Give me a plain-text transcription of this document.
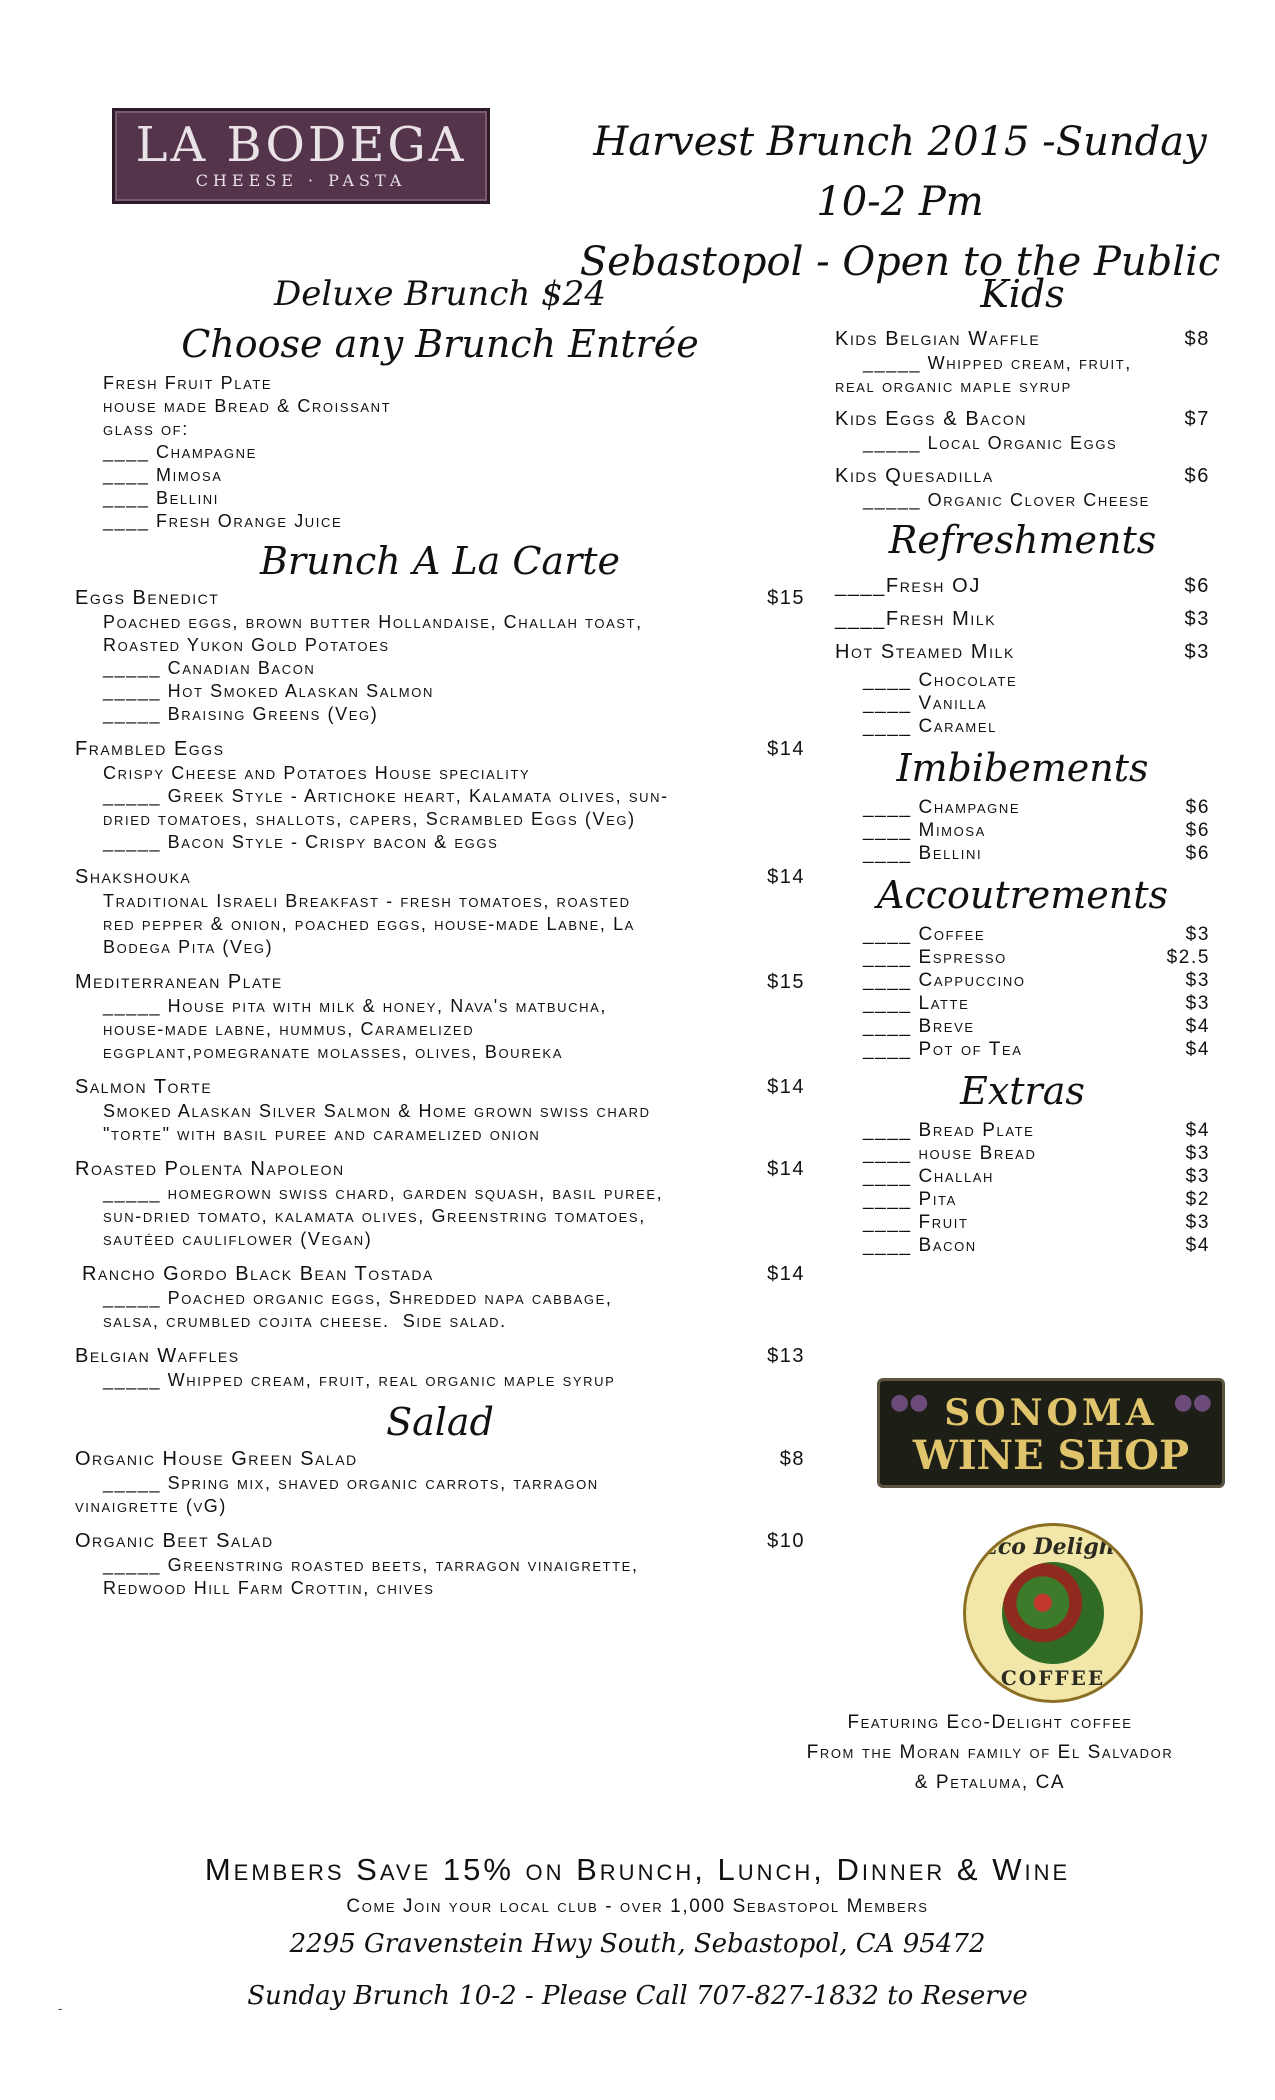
LA BODEGA
CHEESE · PASTA
Harvest Brunch 2015 -Sunday 10-2 Pm
Sebastopol - Open to the Public
Deluxe Brunch $24
Choose any Brunch Entrée
Fresh Fruit Plate
house made Bread & Croissant
glass of:
____ Champagne
____ Mimosa
____ Bellini
____ Fresh Orange Juice
Brunch A La Carte
Eggs Benedict	$15
Poached eggs, brown butter Hollandaise, Challah toast,
Roasted Yukon Gold Potatoes
_____ Canadian Bacon
_____ Hot Smoked Alaskan Salmon
_____ Braising Greens (Veg)
Frambled Eggs	$14
Crispy Cheese and Potatoes House speciality
_____ Greek Style - Artichoke heart, Kalamata olives, sun-
dried tomatoes, shallots, capers, Scrambled Eggs (Veg)
_____ Bacon Style - Crispy bacon & eggs
Shakshouka	$14
Traditional Israeli Breakfast - fresh tomatoes, roasted
red pepper & onion, poached eggs, house-made Labne, La
Bodega Pita (Veg)
Mediterranean Plate	$15
_____ House pita with milk & honey, Nava's matbucha,
house-made labne, hummus, Caramelized
eggplant,pomegranate molasses, olives, Boureka
Salmon Torte	$14
Smoked Alaskan Silver Salmon & Home grown swiss chard
"torte" with basil puree and caramelized onion
Roasted Polenta Napoleon	$14
_____ homegrown swiss chard, garden squash, basil puree,
sun-dried tomato, kalamata olives, Greenstring tomatoes,
sautéed cauliflower (Vegan)
Rancho Gordo Black Bean Tostada	$14
_____ Poached organic eggs, Shredded napa cabbage,
salsa, crumbled cojita cheese.  Side salad.
Belgian Waffles	$13
_____ Whipped cream, fruit, real organic maple syrup
Salad
Organic House Green Salad	$8
_____ Spring mix, shaved organic carrots, tarragon
vinaigrette (vG)
Organic Beet Salad	$10
_____ Greenstring roasted beets, tarragon vinaigrette,
Redwood Hill Farm Crottin, chives
Kids
Kids Belgian Waffle	$8
_____ Whipped cream, fruit,
real organic maple syrup
Kids Eggs & Bacon	$7
_____ Local Organic Eggs
Kids Quesadilla	$6
_____ Organic Clover Cheese
Refreshments
____Fresh OJ	$6
____Fresh Milk	$3
Hot Steamed Milk	$3
____ Chocolate
____ Vanilla
____ Caramel
Imbibements
____ Champagne	$6
____ Mimosa	$6
____ Bellini	$6
Accoutrements
____ Coffee	$3
____ Espresso	$2.5
____ Cappuccino	$3
____ Latte	$3
____ Breve	$4
____ Pot of Tea	$4
Extras
____ Bread Plate	$4
____ house Bread	$3
____ Challah	$3
____ Pita	$2
____ Fruit	$3
____ Bacon	$4
●●	●●
SONOMA
WINE SHOP
Eco Delight
COFFEE
Featuring Eco-Delight coffee
From the Moran family of El Salvador
& Petaluma, CA
Members Save 15% on Brunch, Lunch, Dinner & Wine
Come Join your local club - over 1,000 Sebastopol Members
2295 Gravenstein Hwy South, Sebastopol, CA 95472
Sunday Brunch 10-2 - Please Call 707-827-1832 to Reserve
-
